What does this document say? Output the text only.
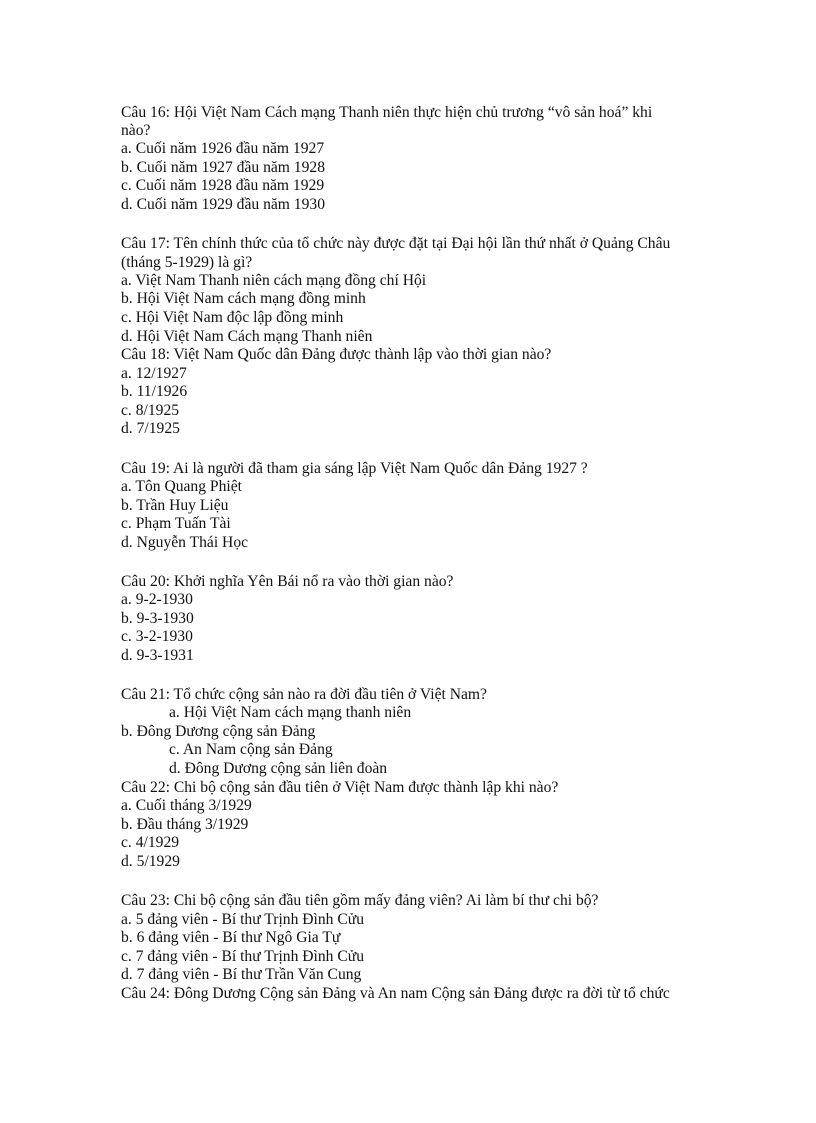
Câu 16: Hội Việt Nam Cách mạng Thanh niên thực hiện chủ trương “vô sản hoá” khi
nào?
a. Cuối năm 1926 đầu năm 1927
b. Cuối năm 1927 đầu năm 1928
c. Cuối năm 1928 đầu năm 1929
d. Cuối năm 1929 đầu năm 1930
Câu 17: Tên chính thức của tổ chức này được đặt tại Đại hội lần thứ nhất ở Quảng Châu
(tháng 5-1929) là gì?
a. Việt Nam Thanh niên cách mạng đồng chí Hội
b. Hội Việt Nam cách mạng đồng minh
c. Hội Việt Nam độc lập đồng minh
d. Hội Việt Nam Cách mạng Thanh niên
Câu 18: Việt Nam Quốc dân Đảng được thành lập vào thời gian nào?
a. 12/1927
b. 11/1926
c. 8/1925
d. 7/1925
Câu 19: Ai là người đã tham gia sáng lập Việt Nam Quốc dân Đảng 1927 ?
a. Tôn Quang Phiệt
b. Trần Huy Liệu
c. Phạm Tuấn Tài
d. Nguyễn Thái Học
Câu 20: Khởi nghĩa Yên Bái nổ ra vào thời gian nào?
a. 9-2-1930
b. 9-3-1930
c. 3-2-1930
d. 9-3-1931
Câu 21: Tổ chức cộng sản nào ra đời đầu tiên ở Việt Nam?
a. Hội Việt Nam cách mạng thanh niên
b. Đông Dương cộng sản Đảng
c. An Nam cộng sản Đảng
d. Đông Dương cộng sản liên đoàn
Câu 22: Chi bộ cộng sản đầu tiên ở Việt Nam được thành lập khi nào?
a. Cuối tháng 3/1929
b. Đầu tháng 3/1929
c. 4/1929
d. 5/1929
Câu 23: Chi bộ cộng sản đầu tiên gồm mấy đảng viên? Ai làm bí thư chi bộ?
a. 5 đảng viên - Bí thư Trịnh Đình Cửu
b. 6 đảng viên - Bí thư Ngô Gia Tự
c. 7 đảng viên - Bí thư Trịnh Đình Cửu
d. 7 đảng viên - Bí thư Trần Văn Cung
Câu 24: Đông Dương Cộng sản Đảng và An nam Cộng sản Đảng được ra đời từ tổ chức
